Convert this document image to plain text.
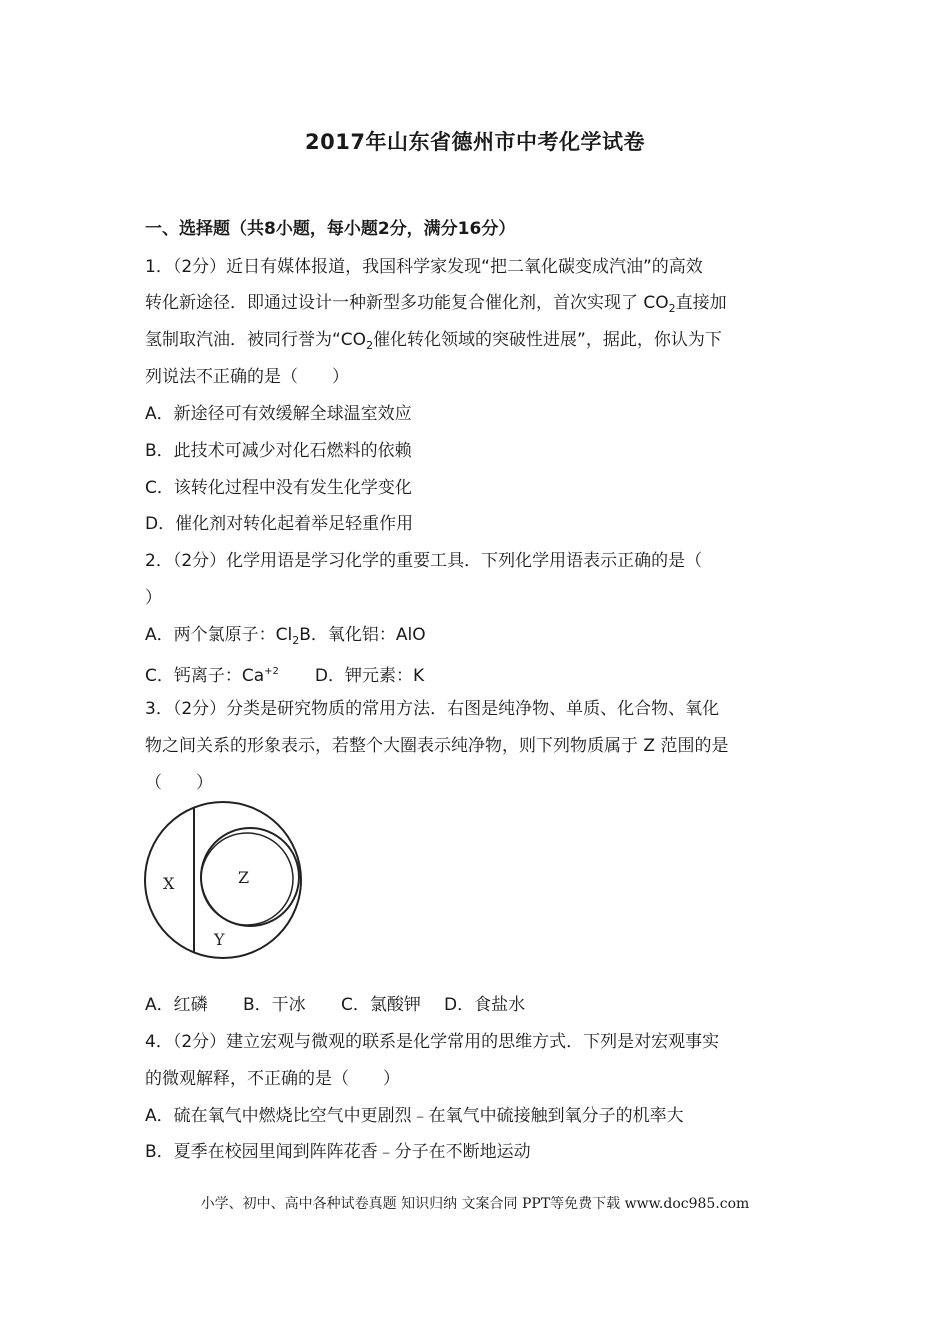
2017年山东省德州市中考化学试卷
一、选择题（共8小题，每小题2分，满分16分）
1．（2分）近日有媒体报道，我国科学家发现“把二氧化碳变成汽油”的高效
转化新途径．即通过设计一种新型多功能复合催化剂，首次实现了 $CO_2$直接加
氢制取汽油．被同行誉为“$CO_2$催化转化领域的突破性进展”，据此，你认为下
列说法不正确的是（　　）
A．新途径可有效缓解全球温室效应
B．此技术可减少对化石燃料的依赖
C．该转化过程中没有发生化学变化
D．催化剂对转化起着举足轻重作用
2．（2分）化学用语是学习化学的重要工具．下列化学用语表示正确的是（
）
A．两个氯原子：$Cl_2B$．氧化铝：AlO
C．钙离子：$Ca^{+2}$ D．钾元素：K
3．（2分）分类是研究物质的常用方法．右图是纯净物、单质、化合物、氧化
物之间关系的形象表示，若整个大圈表示纯净物，则下列物质属于 Z 范围的是
（　　）
X	Z
Y
A．红磷 B．干冰 C．氯酸钾 D．食盐水
4．（2分）建立宏观与微观的联系是化学常用的思维方式．下列是对宏观事实
的微观解释，不正确的是（　　）
A．硫在氧气中燃烧比空气中更剧烈﹣在氧气中硫接触到氧分子的机率大
B．夏季在校园里闻到阵阵花香﹣分子在不断地运动
小学、初中、高中各种试卷真题 知识归纳 文案合同 PPT等免费下载 www.doc985.com
